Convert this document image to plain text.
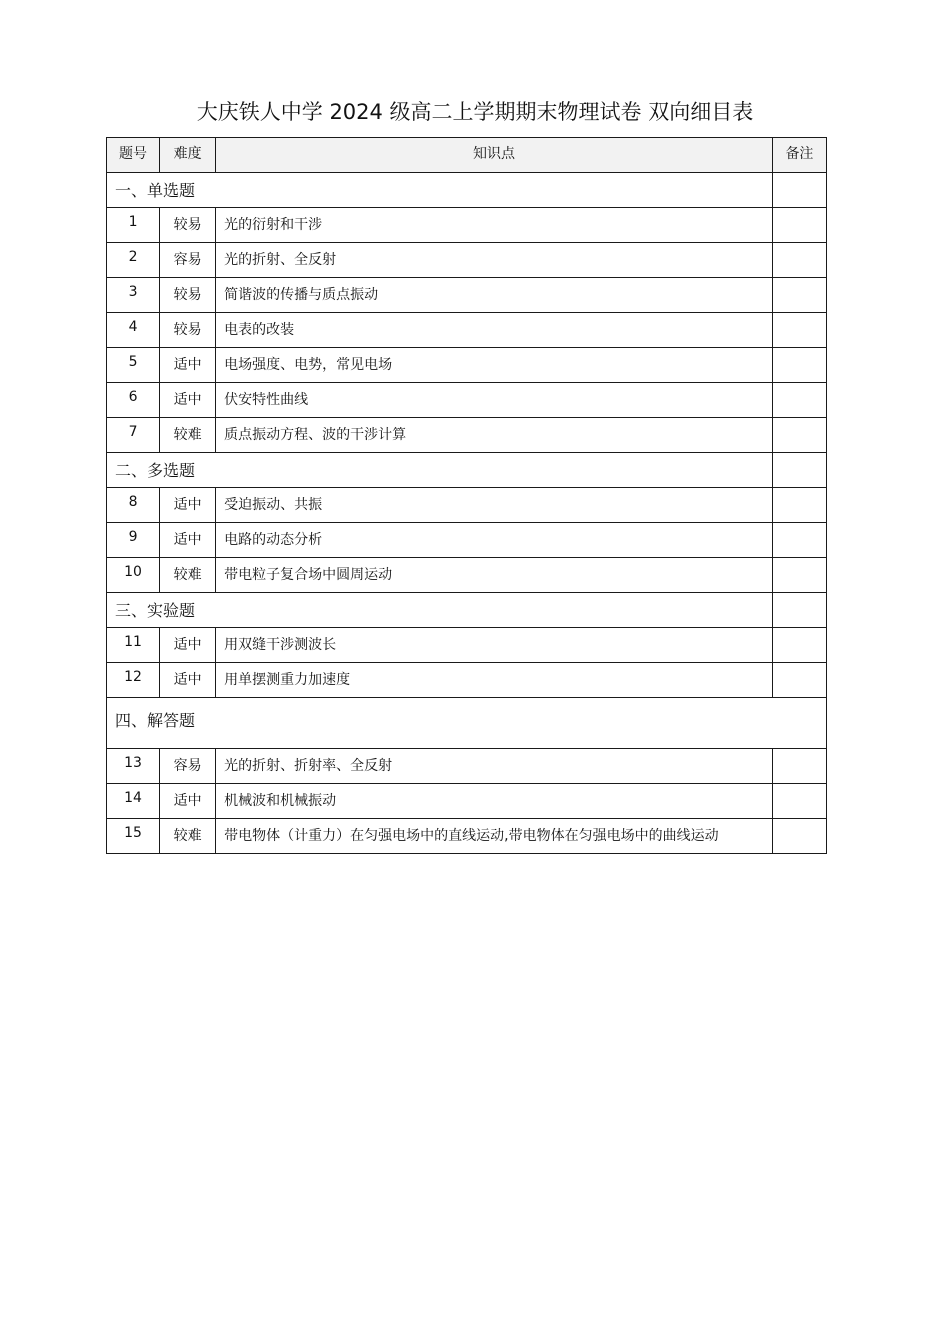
大庆铁人中学 2024 级高二上学期期末物理试卷 双向细目表
题号	难度	知识点	备注
一、单选题			
1	较易	光的衍射和干涉	
2	容易	光的折射、全反射	
3	较易	简谐波的传播与质点振动	
4	较易	电表的改装	
5	适中	电场强度、电势，常见电场	
6	适中	伏安特性曲线	
7	较难	质点振动方程、波的干涉计算	
二、多选题			
8	适中	受迫振动、共振	
9	适中	电路的动态分析	
10	较难	带电粒子复合场中圆周运动	
三、实验题			
11	适中	用双缝干涉测波长	
12	适中	用单摆测重力加速度	
四、解答题			
13	容易	光的折射、折射率、全反射	
14	适中	机械波和机械振动	
15	较难	带电物体（计重力）在匀强电场中的直线运动,带电物体在匀强电场中的曲线运动	
